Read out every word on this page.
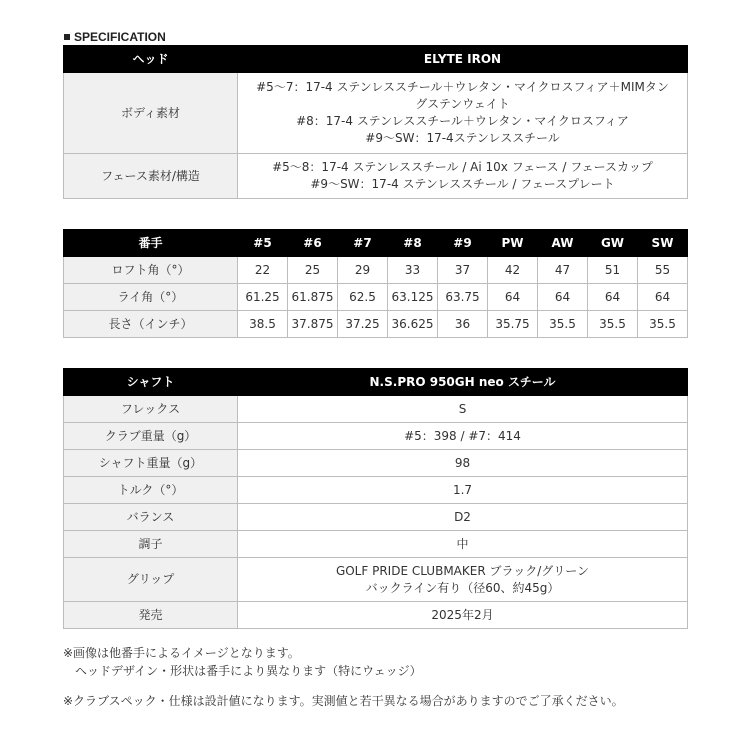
SPECIFICATION
ヘッド	ELYTE IRON
ボディ素材	#5〜7：17-4 ステンレススチール＋ウレタン・マイクロスフィア＋MIMタン
グステンウェイト
#8：17-4 ステンレススチール＋ウレタン・マイクロスフィア
#9〜SW：17-4ステンレススチール

フェース素材/構造	#5〜8：17-4 ステンレススチール / Ai 10x フェース / フェースカップ
#9〜SW：17-4 ステンレススチール / フェースプレート
番手	#5	#6	#7	#8	#9	PW	AW	GW	SW
ロフト角（°）	22	25	29	33	37	42	47	51	55
ライ角（°）	61.25	61.875	62.5	63.125	63.75	64	64	64	64
長さ（インチ）	38.5	37.875	37.25	36.625	36	35.75	35.5	35.5	35.5
シャフト	N.S.PRO 950GH neo スチール
フレックス	S

クラブ重量（g）	#5：398 / #7：414

シャフト重量（g）	98

トルク（°）	1.7

バランス	D2

調子	中

グリップ	GOLF PRIDE CLUBMAKER ブラック/グリーン
バックライン有り（径60、約45g）

発売	2025年2月
※画像は他番手によるイメージとなります。
ヘッドデザイン・形状は番手により異なります（特にウェッジ）
※クラブスペック・仕様は設計値になります。実測値と若干異なる場合がありますのでご了承ください。
